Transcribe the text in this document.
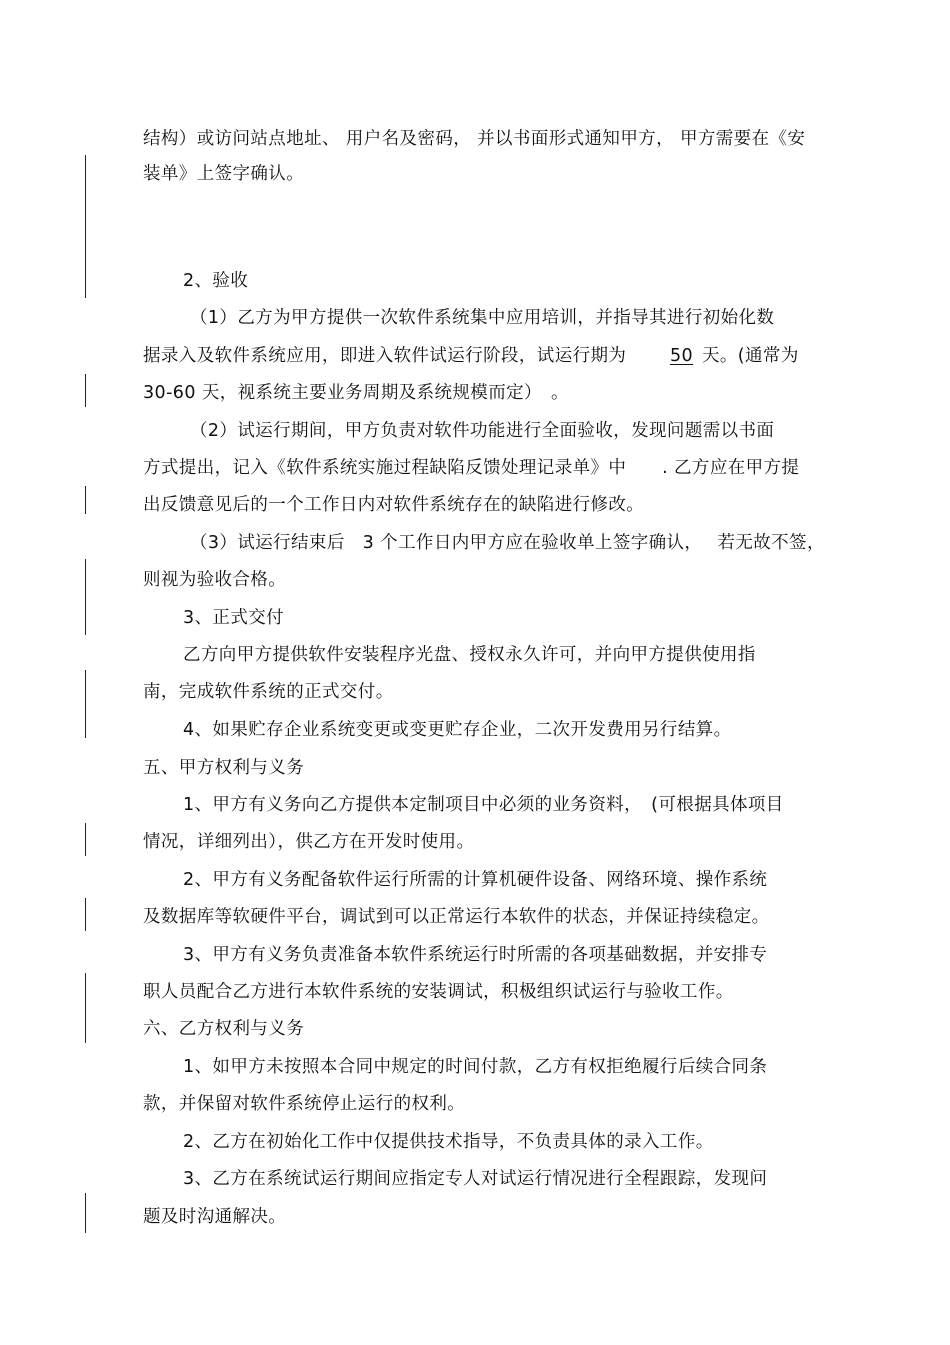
结构）或访问站点地址、 用户名及密码， 并以书面形式通知甲方， 甲方需要在《安
装单》上签字确认。
2、验收
（1）乙方为甲方提供一次软件系统集中应用培训，并指导其进行初始化数
据录入及软件系统应用，即进入软件试运行阶段，试运行期为 50 天。(通常为
30-60 天，视系统主要业务周期及系统规模而定）　。
（2）试运行期间，甲方负责对软件功能进行全面验收，发现问题需以书面
方式提出，记入《软件系统实施过程缺陷反馈处理记录单》中　　. 乙方应在甲方提
出反馈意见后的一个工作日内对软件系统存在的缺陷进行修改。
（3）试运行结束后　3 个工作日内甲方应在验收单上签字确认，　 若无故不签，
则视为验收合格。
3、正式交付
乙方向甲方提供软件安装程序光盘、授权永久许可，并向甲方提供使用指
南，完成软件系统的正式交付。
4、如果贮存企业系统变更或变更贮存企业，二次开发费用另行结算。
五、甲方权利与义务
1、甲方有义务向乙方提供本定制项目中必须的业务资料，　(可根据具体项目
情况，详细列出），供乙方在开发时使用。
2、甲方有义务配备软件运行所需的计算机硬件设备、网络环境、操作系统
及数据库等软硬件平台，调试到可以正常运行本软件的状态，并保证持续稳定。
3、甲方有义务负责准备本软件系统运行时所需的各项基础数据，并安排专
职人员配合乙方进行本软件系统的安装调试，积极组织试运行与验收工作。
六、乙方权利与义务
1、如甲方未按照本合同中规定的时间付款，乙方有权拒绝履行后续合同条
款，并保留对软件系统停止运行的权利。
2、乙方在初始化工作中仅提供技术指导，不负责具体的录入工作。
3、乙方在系统试运行期间应指定专人对试运行情况进行全程跟踪，发现问
题及时沟通解决。
